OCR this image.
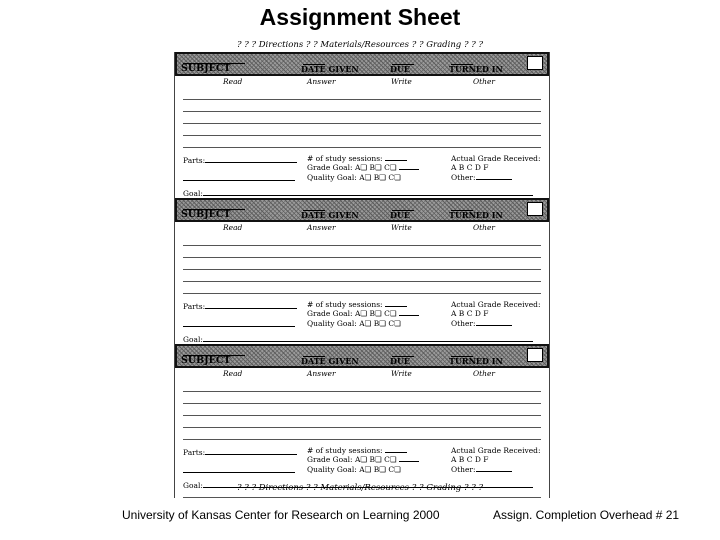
Assignment Sheet
? ? ? Directions ? ? Materials/Resources ? ? Grading ? ? ?
SUBJECT	DATE GIVEN	DUE	TURNED IN
Read	Answer	Write	Other
Parts:
Goal:
# of study sessions:
Grade Goal: A❏ B❏ C❏
Quality Goal: A❏ B❏ C❏
Actual Grade Received:
A B C D F
Other:
SUBJECT	DATE GIVEN	DUE	TURNED IN
Read	Answer	Write	Other
Parts:
Goal:
# of study sessions:
Grade Goal: A❏ B❏ C❏
Quality Goal: A❏ B❏ C❏
Actual Grade Received:
A B C D F
Other:
SUBJECT	DATE GIVEN	DUE	TURNED IN
Read	Answer	Write	Other
Parts:
Goal:
# of study sessions:
Grade Goal: A❏ B❏ C❏
Quality Goal: A❏ B❏ C❏
Actual Grade Received:
A B C D F
Other:
? ? ? Directions ? ? Materials/Resources ? ? Grading ? ? ?
University of Kansas Center for Research on Learning 2000	Assign. Completion Overhead # 21
